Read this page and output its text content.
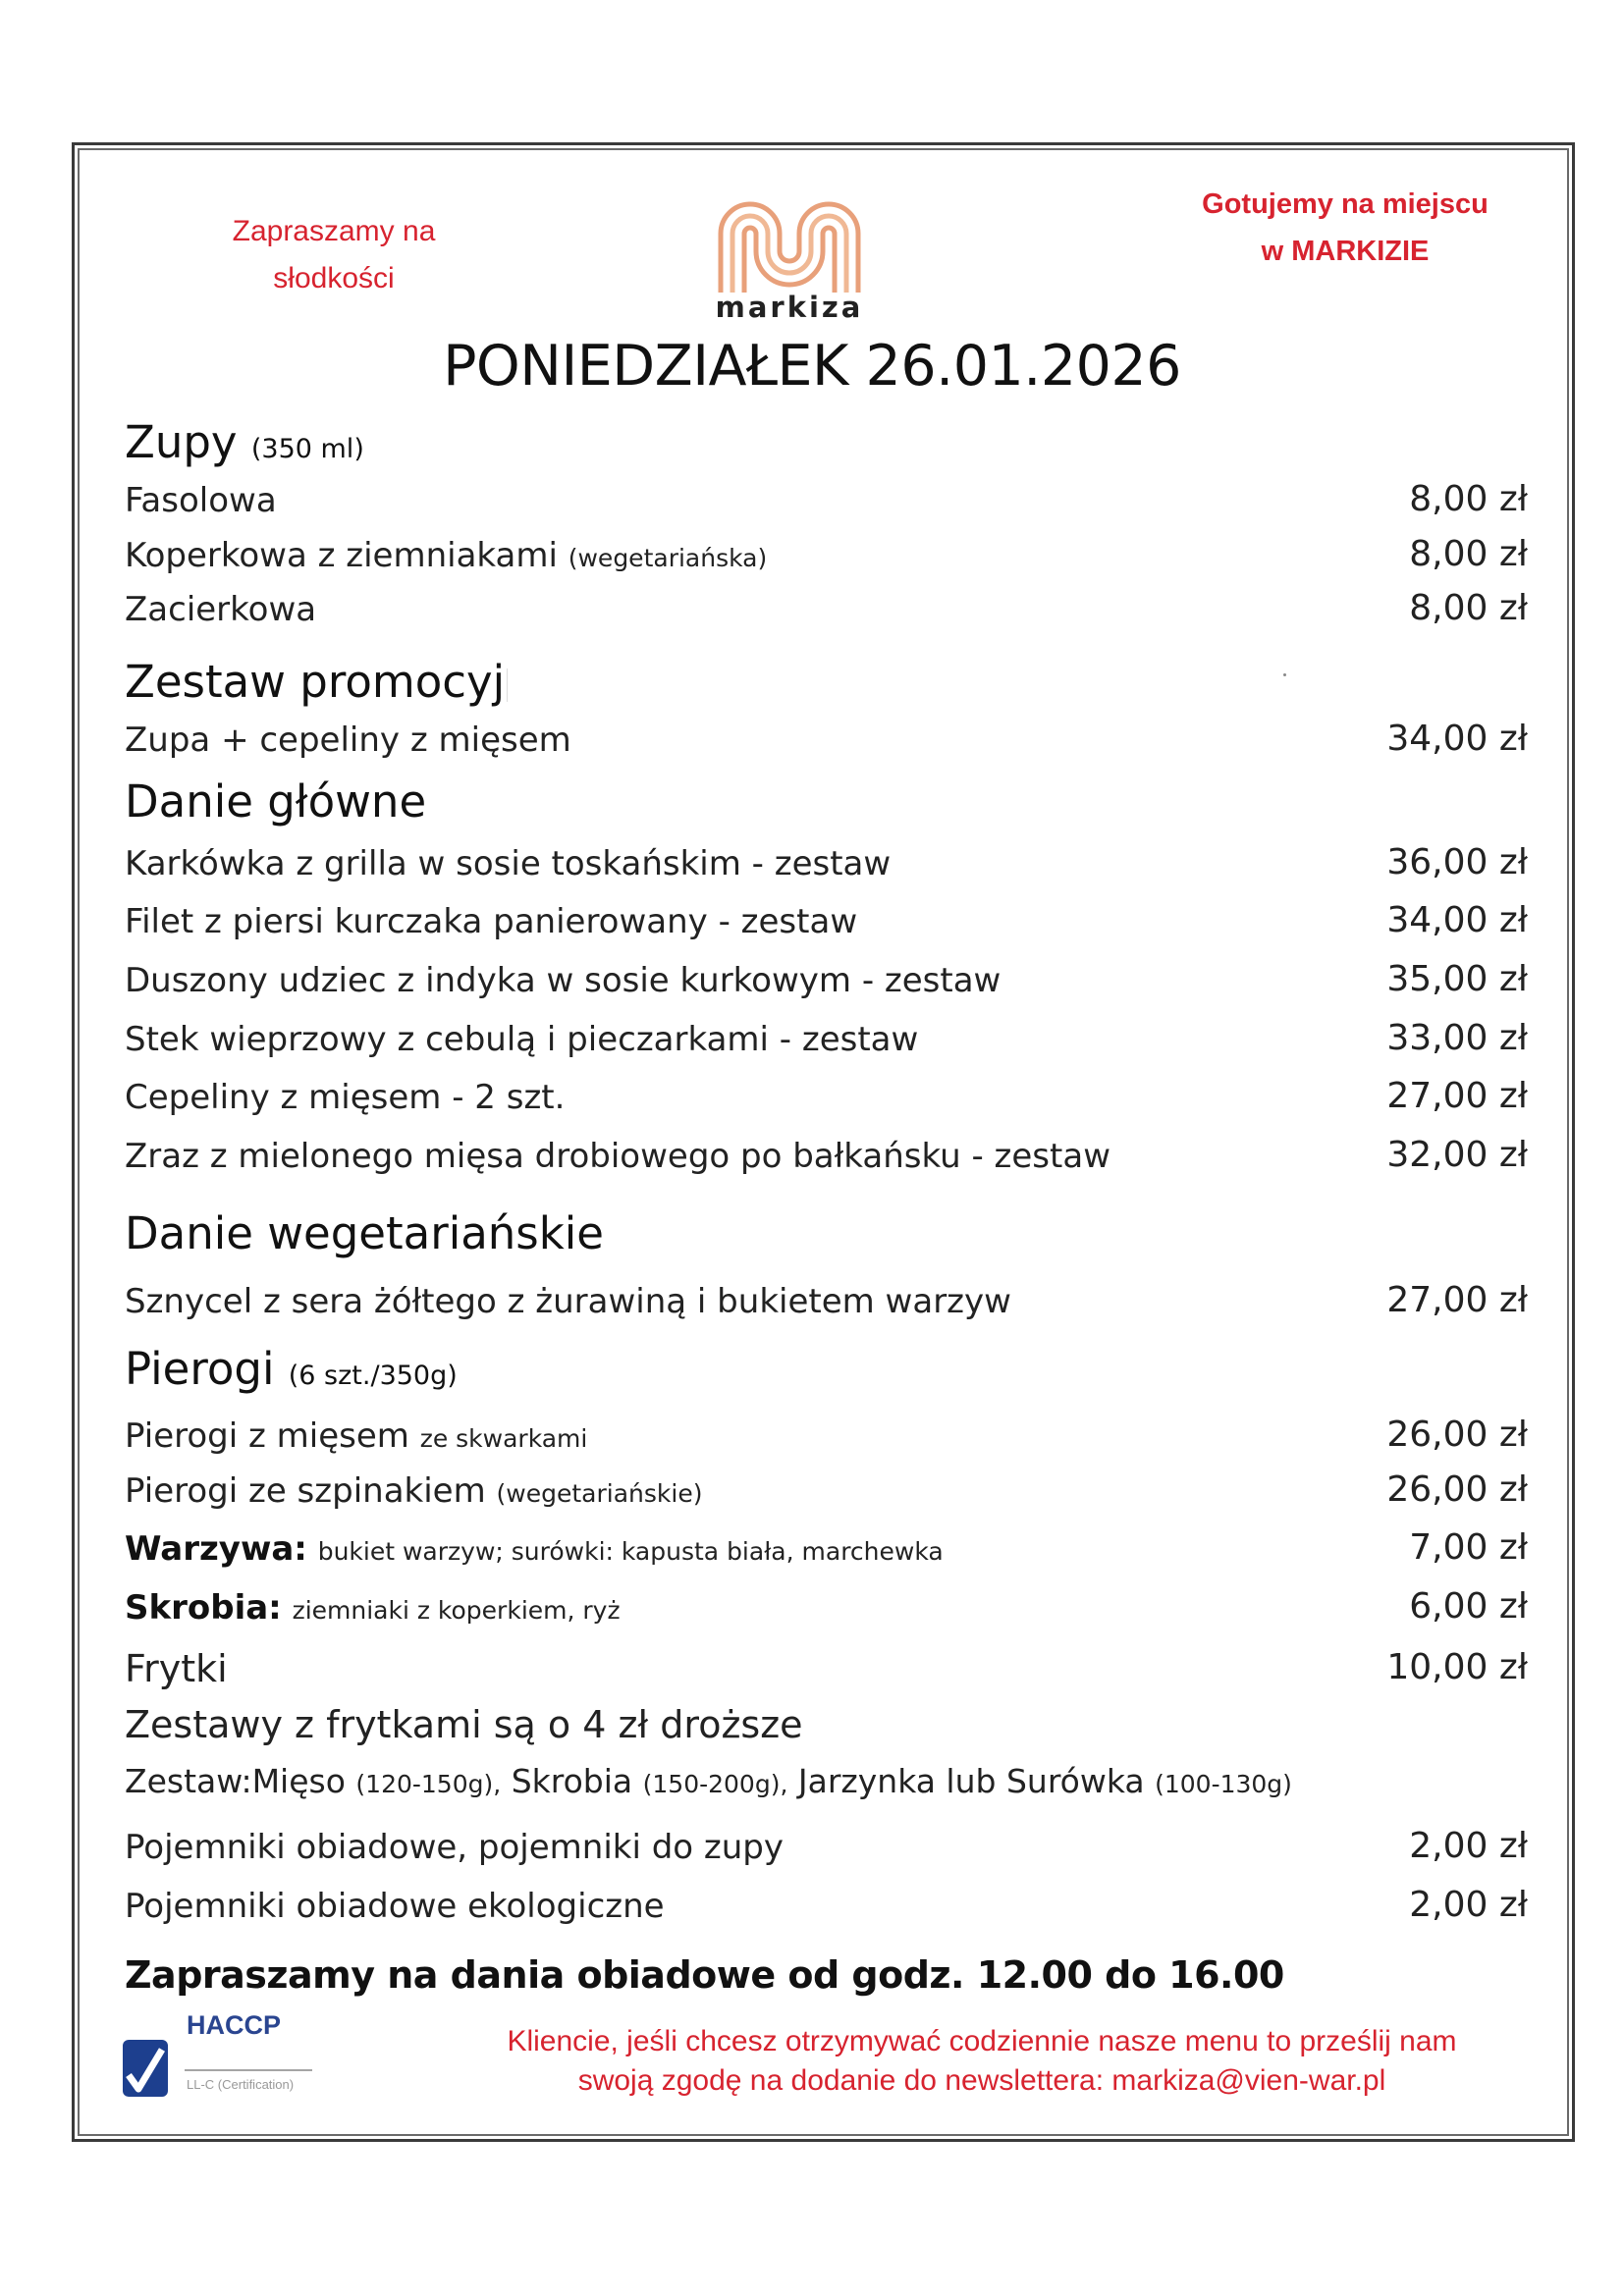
Zapraszamy na
słodkości
markiza
Gotujemy na miejscu
w MARKIZIE
PONIEDZIAŁEK 26.01.2026
Zupy (350 ml)
Fasolowa	8,00 zł
Koperkowa z ziemniakami (wegetariańska)	8,00 zł
Zacierkowa	8,00 zł
Zestaw promocyj
Zupa + cepeliny z mięsem	34,00 zł
Danie główne
Karkówka z grilla w sosie toskańskim - zestaw	36,00 zł
Filet z piersi kurczaka panierowany - zestaw	34,00 zł
Duszony udziec z indyka w sosie kurkowym - zestaw	35,00 zł
Stek wieprzowy z cebulą i pieczarkami - zestaw	33,00 zł
Cepeliny z mięsem - 2 szt.	27,00 zł
Zraz z mielonego mięsa drobiowego po bałkańsku - zestaw	32,00 zł
Danie wegetariańskie
Sznycel z sera żółtego z żurawiną i bukietem warzyw	27,00 zł
Pierogi (6 szt./350g)
Pierogi z mięsem ze skwarkami	26,00 zł
Pierogi ze szpinakiem (wegetariańskie)	26,00 zł
Warzywa: bukiet warzyw; surówki: kapusta biała, marchewka	7,00 zł
Skrobia: ziemniaki z koperkiem, ryż	6,00 zł
Frytki	10,00 zł
Zestawy z frytkami są o 4 zł droższe
Zestaw:Mięso (120-150g), Skrobia (150-200g), Jarzynka lub Surówka (100-130g)
Pojemniki obiadowe, pojemniki do zupy	2,00 zł
Pojemniki obiadowe ekologiczne	2,00 zł
Zapraszamy na dania obiadowe od godz. 12.00 do 16.00
HACCP
LL-C (Certification)
Kliencie, jeśli chcesz otrzymywać codziennie nasze menu to prześlij nam
swoją zgodę na dodanie do newslettera: markiza@vien-war.pl
